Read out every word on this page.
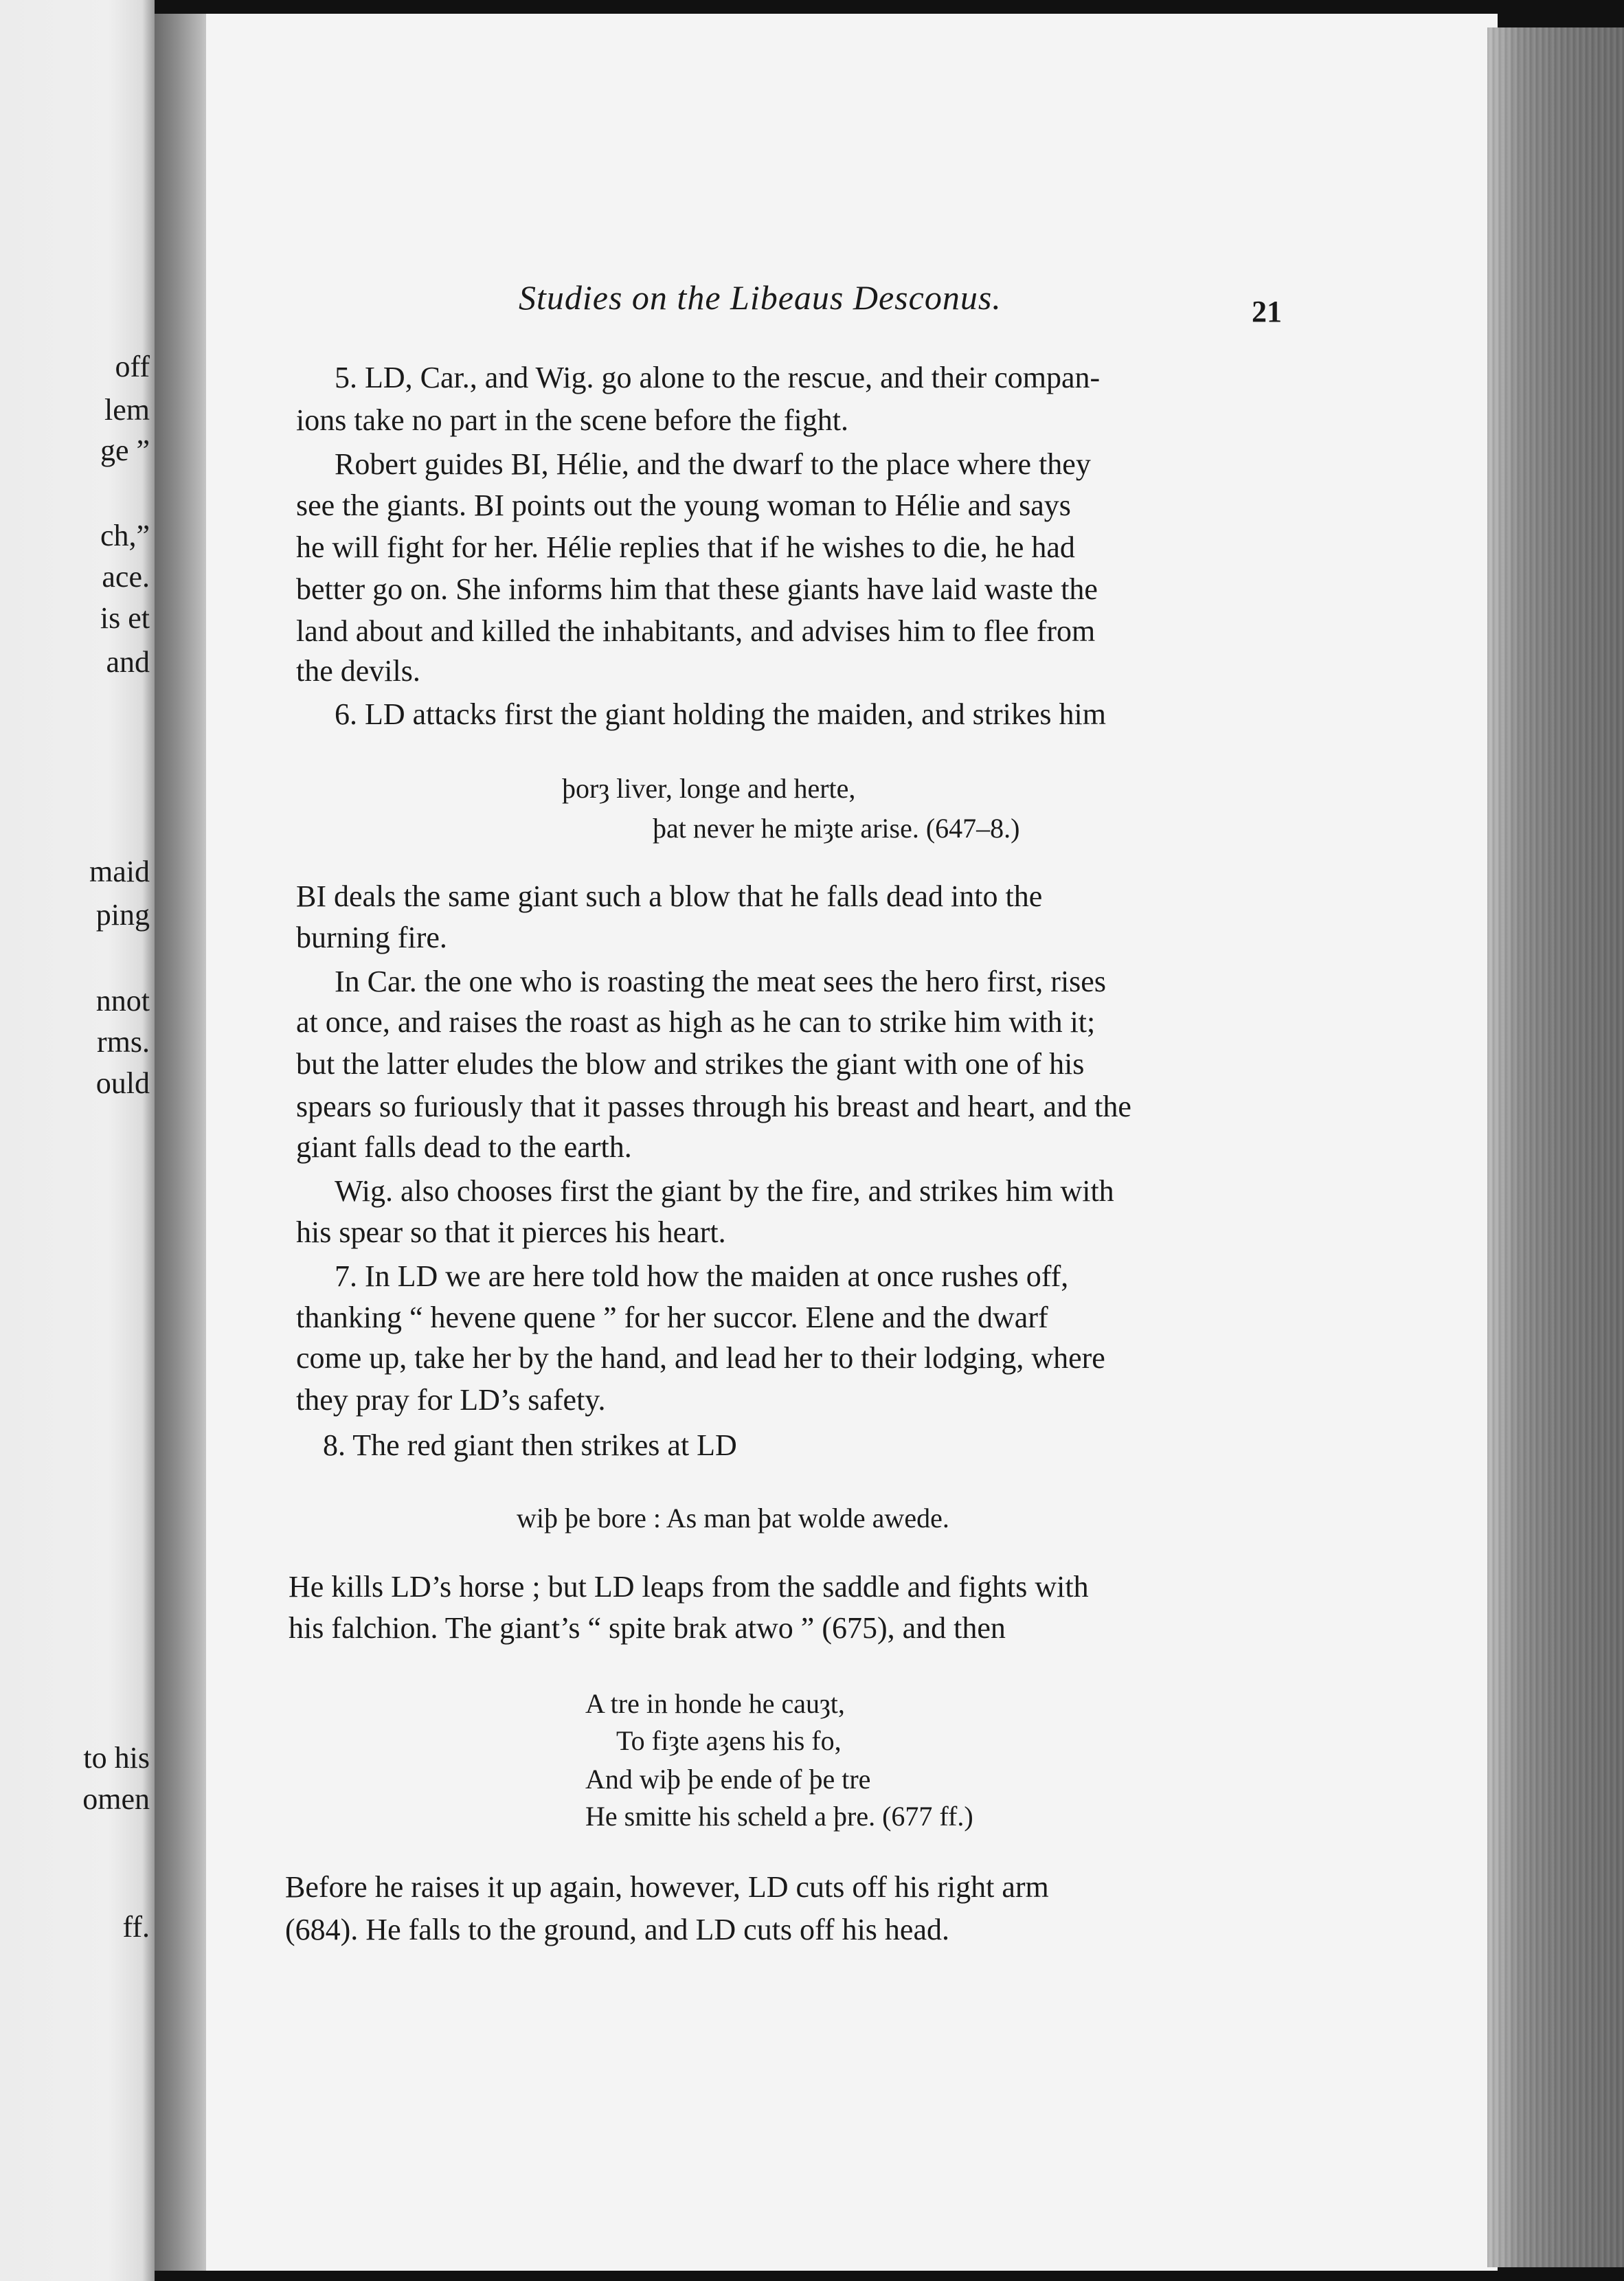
off
lem
ge ”
ch,”
ace.
is et
and
maid
ping
nnot
rms.
ould
to his
omen
ff.
Studies on the Libeaus Desconus.	21
5. LD, Car., and Wig. go alone to the rescue, and their compan-
ions take no part in the scene before the fight.
Robert guides BI, Hélie, and the dwarf to the place where they
see the giants. BI points out the young woman to Hélie and says
he will fight for her. Hélie replies that if he wishes to die, he had
better go on. She informs him that these giants have laid waste the
land about and killed the inhabitants, and advises him to flee from
the devils.
6. LD attacks first the giant holding the maiden, and strikes him
þorȝ liver, longe and herte,
þat never he miȝte arise. (647–8.)
BI deals the same giant such a blow that he falls dead into the
burning fire.
In Car. the one who is roasting the meat sees the hero first, rises
at once, and raises the roast as high as he can to strike him with it;
but the latter eludes the blow and strikes the giant with one of his
spears so furiously that it passes through his breast and heart, and the
giant falls dead to the earth.
Wig. also chooses first the giant by the fire, and strikes him with
his spear so that it pierces his heart.
7. In LD we are here told how the maiden at once rushes off,
thanking “ hevene quene ” for her succor. Elene and the dwarf
come up, take her by the hand, and lead her to their lodging, where
they pray for LD’s safety.
8. The red giant then strikes at LD
wiþ þe bore : As man þat wolde awede.
He kills LD’s horse ; but LD leaps from the saddle and fights with
his falchion. The giant’s “ spite brak atwo ” (675), and then
A tre in honde he cauȝt,
To fiȝte aȝens his fo,
And wiþ þe ende of þe tre
He smitte his scheld a þre. (677 ff.)
Before he raises it up again, however, LD cuts off his right arm
(684). He falls to the ground, and LD cuts off his head.
